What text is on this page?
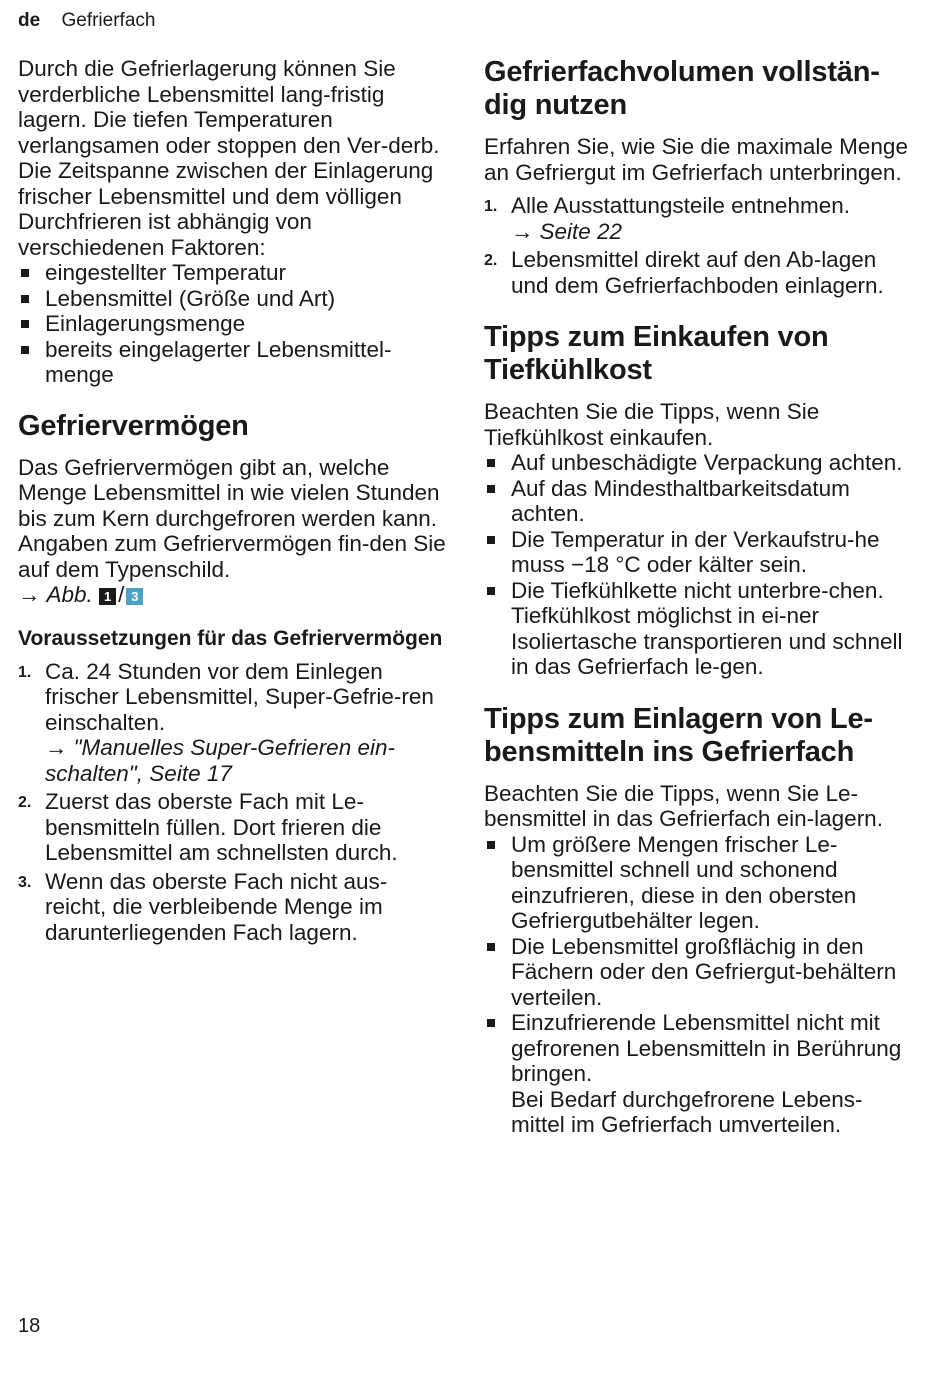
de Gefrierfach

Durch die Gefrierlagerung können Sie verderbliche Lebensmittel lang-fristig lagern. Die tiefen Temperaturen verlangsamen oder stoppen den Ver-derb.

Die Zeitspanne zwischen der Einlagerung frischer Lebensmittel und dem völligen Durchfrieren ist abhängig von verschiedenen Faktoren:

eingestellter Temperatur
Lebensmittel (Größe und Art)
Einlagerungsmenge
bereits eingelagerter Lebensmittel-menge
Gefriervermögen

Das Gefriervermögen gibt an, welche Menge Lebensmittel in wie vielen Stunden bis zum Kern durchgefroren werden kann.

Angaben zum Gefriervermögen fin-den Sie auf dem Typenschild.

→ Abb. 1 / 3

Voraussetzungen für das Gefriervermögen
1. Ca. 24 Stunden vor dem Einlegen frischer Lebensmittel, Super-Gefrie-ren einschalten.
→ "Manuelles Super-Gefrieren ein-schalten", Seite 17
2. Zuerst das oberste Fach mit Le-bensmitteln füllen. Dort frieren die Lebensmittel am schnellsten durch.
3. Wenn das oberste Fach nicht aus-reicht, die verbleibende Menge im darunterliegenden Fach lagern.
Gefrierfachvolumen vollstän-dig nutzen

Erfahren Sie, wie Sie die maximale Menge an Gefriergut im Gefrierfach unterbringen.

1. Alle Ausstattungsteile entnehmen.
→ Seite 22
2. Lebensmittel direkt auf den Ab-lagen und dem Gefrierfachboden einlagern.
Tipps zum Einkaufen von Tiefkühlkost

Beachten Sie die Tipps, wenn Sie Tiefkühlkost einkaufen.

Auf unbeschädigte Verpackung achten.
Auf das Mindesthaltbarkeitsdatum achten.
Die Temperatur in der Verkaufstru-he muss −18 °C oder kälter sein.
Die Tiefkühlkette nicht unterbre-chen. Tiefkühlkost möglichst in ei-ner Isoliertasche transportieren und schnell in das Gefrierfach le-gen.
Tipps zum Einlagern von Le-bensmitteln ins Gefrierfach

Beachten Sie die Tipps, wenn Sie Le-bensmittel in das Gefrierfach ein-lagern.

Um größere Mengen frischer Le-bensmittel schnell und schonend einzufrieren, diese in den obersten Gefriergutbehälter legen.
Die Lebensmittel großflächig in den Fächern oder den Gefriergut-behältern verteilen.
Einzufrierende Lebensmittel nicht mit gefrorenen Lebensmitteln in Berührung bringen.
Bei Bedarf durchgefrorene Lebens-mittel im Gefrierfach umverteilen.
18
